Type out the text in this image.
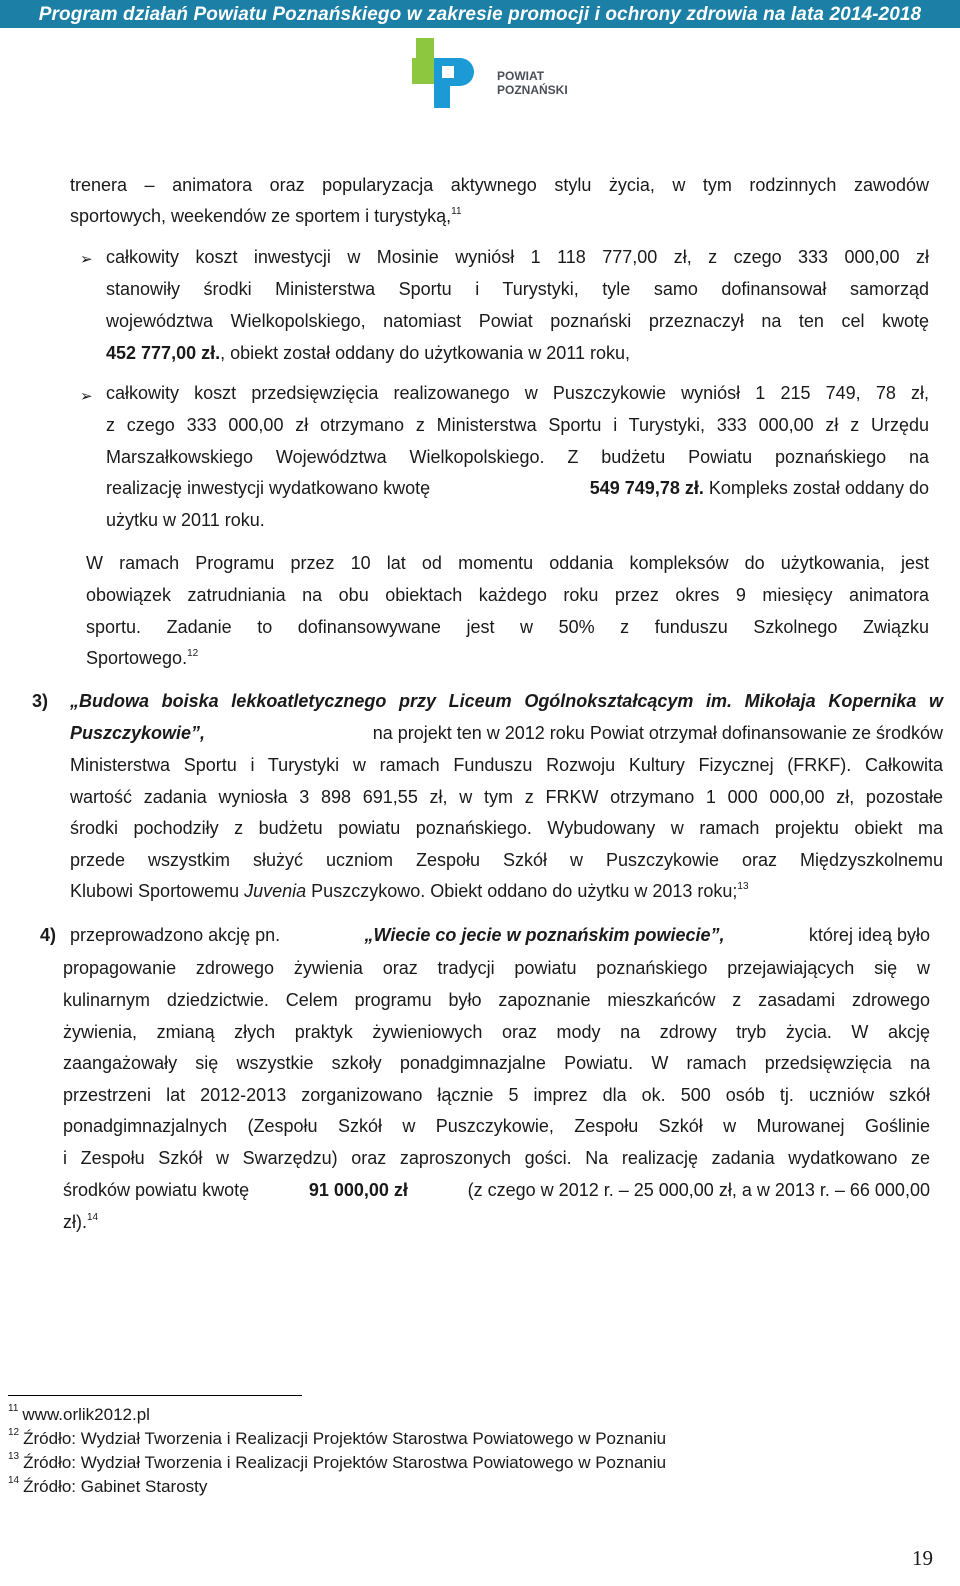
Program działań Powiatu Poznańskiego w zakresie promocji i ochrony zdrowia na lata 2014-2018
POWIAT
POZNAŃSKI
trenera – animatora oraz popularyzacja aktywnego stylu życia, w tym rodzinnych zawodów
sportowych, weekendów ze sportem i turystyką,$^{11}$
➢ całkowity koszt inwestycji w Mosinie wyniósł 1 118 777,00 zł, z czego 333 000,00 zł
stanowiły środki Ministerstwa Sportu i Turystyki, tyle samo dofinansował samorząd
województwa Wielkopolskiego, natomiast Powiat poznański przeznaczył na ten cel kwotę
452 777,00 zł., obiekt został oddany do użytkowania w 2011 roku,
➢ całkowity koszt przedsięwzięcia realizowanego w Puszczykowie wyniósł 1 215 749, 78 zł,
z czego 333 000,00 zł otrzymano z Ministerstwa Sportu i Turystyki, 333 000,00 zł z Urzędu
Marszałkowskiego Województwa Wielkopolskiego. Z budżetu Powiatu poznańskiego na
realizację inwestycji wydatkowano kwotę	549 749,78 zł. Kompleks został oddany do
użytku w 2011 roku.
W ramach Programu przez 10 lat od momentu oddania kompleksów do użytkowania, jest
obowiązek zatrudniania na obu obiektach każdego roku przez okres 9 miesięcy animatora
sportu. Zadanie to dofinansowywane jest w 50% z funduszu Szkolnego Związku
Sportowego.$^{12}$
3) „Budowa boiska lekkoatletycznego przy Liceum Ogólnokształcącym im. Mikołaja Kopernika w
Puszczykowie”,	na projekt ten w 2012 roku Powiat otrzymał dofinansowanie ze środków
Ministerstwa Sportu i Turystyki w ramach Funduszu Rozwoju Kultury Fizycznej (FRKF). Całkowita
wartość zadania wyniosła 3 898 691,55 zł, w tym z FRKW otrzymano 1 000 000,00 zł, pozostałe
środki pochodziły z budżetu powiatu poznańskiego. Wybudowany w ramach projektu obiekt ma
przede wszystkim służyć uczniom Zespołu Szkół w Puszczykowie oraz Międzyszkolnemu
Klubowi Sportowemu Juvenia Puszczykowo. Obiekt oddano do użytku w 2013 roku;$^{13}$
4) przeprowadzono akcję pn.	„Wiecie co jecie w poznańskim powiecie”,	której ideą było
propagowanie zdrowego żywienia oraz tradycji powiatu poznańskiego przejawiających się w
kulinarnym dziedzictwie. Celem programu było zapoznanie mieszkańców z zasadami zdrowego
żywienia, zmianą złych praktyk żywieniowych oraz mody na zdrowy tryb życia. W akcję
zaangażowały się wszystkie szkoły ponadgimnazjalne Powiatu. W ramach przedsięwzięcia na
przestrzeni lat 2012-2013 zorganizowano łącznie 5 imprez dla ok. 500 osób tj. uczniów szkół
ponadgimnazjalnych (Zespołu Szkół w Puszczykowie, Zespołu Szkół w Murowanej Goślinie
i Zespołu Szkół w Swarzędzu) oraz zaproszonych gości. Na realizację zadania wydatkowano ze
środków powiatu kwotę	91 000,00 zł	(z czego w 2012 r. – 25 000,00 zł, a w 2013 r. – 66 000,00
zł).$^{14}$
$^{11}$ www.orlik2012.pl
$^{12}$ Źródło: Wydział Tworzenia i Realizacji Projektów Starostwa Powiatowego w Poznaniu
$^{13}$ Źródło: Wydział Tworzenia i Realizacji Projektów Starostwa Powiatowego w Poznaniu
$^{14}$ Źródło: Gabinet Starosty
19
